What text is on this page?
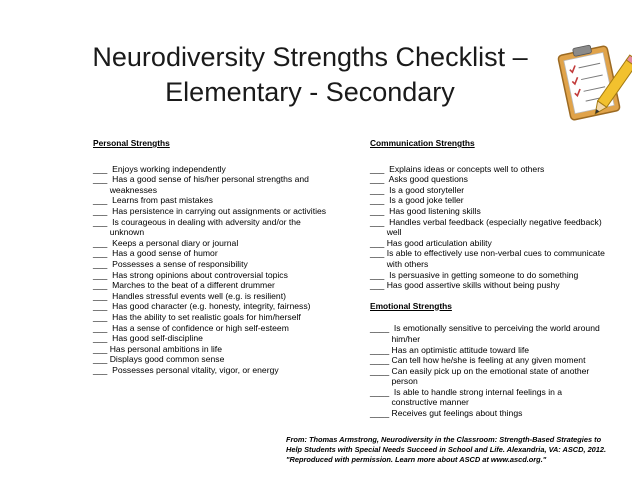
Neurodiversity Strengths Checklist –
Elementary - Secondary
Personal Strengths
___  Enjoys working independently
___  Has a good sense of his/her personal strengths and
weaknesses
___  Learns from past mistakes
___  Has persistence in carrying out assignments or activities
___  Is courageous in dealing with adversity and/or the
unknown
___  Keeps a personal diary or journal
___  Has a good sense of humor
___  Possesses a sense of responsibility
___  Has strong opinions about controversial topics
___  Marches to the beat of a different drummer
___  Handles stressful events well (e.g. is resilient)
___  Has good character (e.g. honesty, integrity, fairness)
___  Has the ability to set realistic goals for him/herself
___  Has a sense of confidence or high self-esteem
___  Has good self-discipline
___ Has personal ambitions in life
___ Displays good common sense
___  Possesses personal vitality, vigor, or energy
Communication Strengths
___  Explains ideas or concepts well to others
___  Asks good questions
___  Is a good storyteller
___  Is a good joke teller
___  Has good listening skills
___  Handles verbal feedback (especially negative feedback)
well
___ Has good articulation ability
___ Is able to effectively use non-verbal cues to communicate
with others
___  Is persuasive in getting someone to do something
___ Has good assertive skills without being pushy
Emotional Strengths
____  Is emotionally sensitive to perceiving the world around
him/her
____ Has an optimistic attitude toward life
____ Can tell how he/she is feeling at any given moment
____ Can easily pick up on the emotional state of another
person
____  Is able to handle strong internal feelings in a
constructive manner
____ Receives gut feelings about things
From: Thomas Armstrong, Neurodiversity in the Classroom: Strength-Based Strategies to
Help Students with Special Needs Succeed in School and Life. Alexandria, VA: ASCD, 2012.
"Reproduced with permission. Learn more about ASCD at www.ascd.org."
